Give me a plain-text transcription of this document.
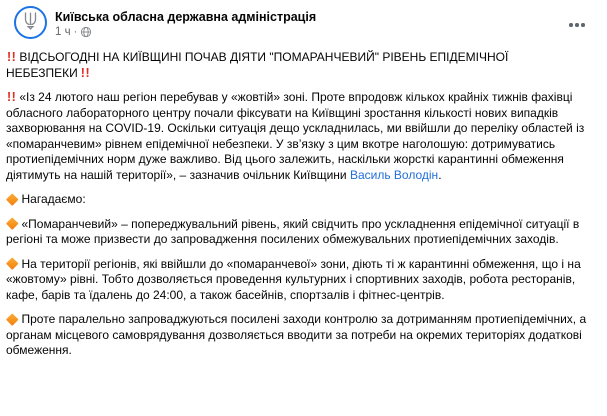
Київська обласна державна адміністрація
1 ч ·

!! ВІДСЬОГОДНІ НА КИЇВЩИНІ ПОЧАВ ДІЯТИ "ПОМАРАНЧЕВИЙ" РІВЕНЬ ЕПІДЕМІЧНОЇ НЕБЕЗПЕКИ !!

!! «Із 24 лютого наш регіон перебував у «жовтій» зоні. Проте впродовж кількох крайніх тижнів фахівці обласного лабораторного центру почали фіксувати на Київщині зростання кількості нових випадків захворювання на COVID-19. Оскільки ситуація дещо ускладнилась, ми ввійшли до переліку областей із «помаранчевим» рівнем епідемічної небезпеки. У зв’язку з цим вкотре наголошую: дотримуватись протиепідемічних норм дуже важливо. Від цього залежить, наскільки жорсткі карантинні обмеження діятимуть на нашій території», – зазначив очільник Київщини Василь Володін.

Нагадаємо:

«Помаранчевий» – попереджувальний рівень, який свідчить про ускладнення епідемічної ситуації в регіоні та може призвести до запровадження посилених обмежувальних протиепідемічних заходів.

На території регіонів, які ввійшли до «помаранчевої» зони, діють ті ж карантинні обмеження, що і на «жовтому» рівні. Тобто дозволяється проведення культурних і спортивних заходів, робота ресторанів, кафе, барів та їдалень до 24:00, а також басейнів, спортзалів і фітнес-центрів.

Проте паралельно запроваджуються посилені заходи контролю за дотриманням протиепідемічних, а органам місцевого самоврядування дозволяється вводити за потреби на окремих територіях додаткові обмеження.
